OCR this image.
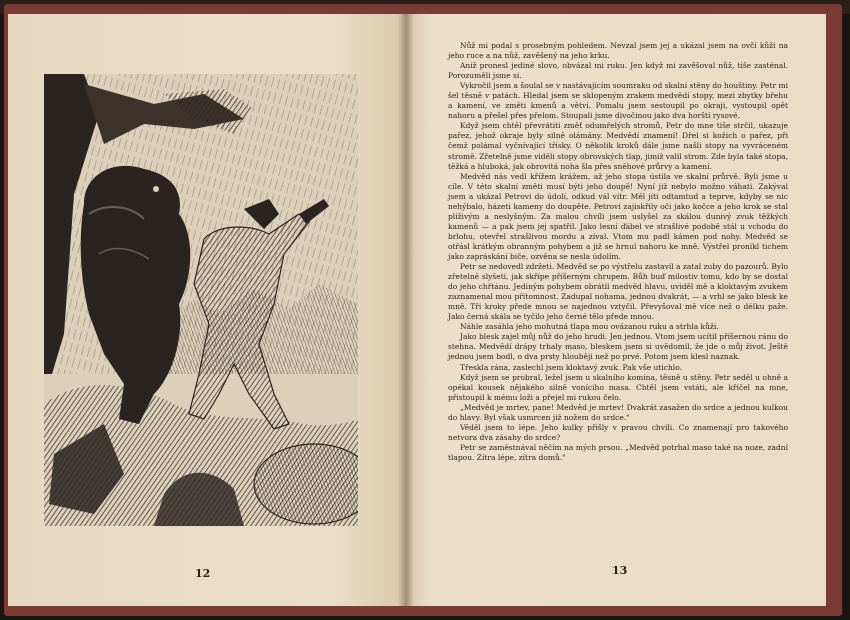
12	13

Nůž mi podal s prosebným pohledem. Nevzal jsem jej a ukázal jsem na ovčí kůži na jeho ruce a na nůž, zavěšený na jeho krku.

Aniž pronesl jediné slovo, obvázal mi ruku. Jen když mi zavěšoval nůž, tiše zasténal. Porozuměli jsme si.

Vykročil jsem a šoulal se v nastávajícím soumraku od skalní stěny do houštiny. Petr mi šel těsně v patách. Hledal jsem se sklopeným zrakem medvědí stopy, mezi zbytky břehu a kamení, ve změti kmenů a větví. Pomalu jsem sestoupil po okraji, vystoupil opět nahoru a přešel přes přelom. Stoupali jsme divočinou jako dva horští rysové.

Když jsem chtěl převrátiti změť odumřelých stromů, Petr do mne tiše strčil, ukazuje pařez, jehož okraje byly silně olámány. Medvědí znamení! Dřel si kožich o pařez, při čemž polámal vyčnívající třísky. O několik kroků dále jsme našli stopy na vyvráceném stromě. Zřetelně jsme viděli stopy obrovských tlap, jimiž valil strom. Zde byla také stopa, těžká a hluboká, jak obrovitá noha šla přes sněhové průrvy a kamení.

Medvěd nás vedl křížem krážem, až jeho stopa ústila ve skalní průrvě. Byli jsme u cíle. V této skalní změti musí býti jeho doupě! Nyní již nebylo možno váhati. Zakýval jsem a ukázal Petrovi do údolí, odkud vál vítr. Měl jíti odtamtud a teprve, kdyby se nic nehýbalo, házeti kameny do doupěte. Petrovi zajiskřily oči jako kočce a jeho krok se stal plíživým a neslyšným. Za malou chvíli jsem uslyšel za skálou dunivý zvuk těžkých kamenů — a pak jsem jej spatřil. Jako lesní ďábel ve strašlivé podobě stál u vchodu do brlohu, otevřel strašlivou mordu a zíval. Vtom mu padl kámen pod nohy. Medvěd se otřásl krátkým obranným pohybem a již se hrnul nahoru ke mně. Výstřel pronikl tichem jako zapráskání biče, ozvěna se nesla údolím.

Petr se nedovedl zdržeti. Medvěd se po výstřelu zastavil a zatal zuby do pazourů. Bylo zřetelně slyšeti, jak skřípe příšerným chrupem. Bůh buď milostiv tomu, kdo by se dostal do jeho chřtánu. Jediným pohybem obrátil medvěd hlavu, uviděl mě a kloktavým zvukem zaznamenal mou přítomnost. Zadupal nohama, jednou dvakrát, — a vrhl se jako blesk ke mně. Tři kroky přede mnou se najednou vztyčil. Převyšoval mě více než o délku paže. Jako černá skála se tyčilo jeho černé tělo přede mnou.

Náhle zasáhla jeho mohutná tlapa mou ovázanou ruku a strhla kůži.

Jako blesk zajel můj nůž do jeho hrudi. Jen jednou. Vtom jsem ucítil příšernou ránu do stehna. Medvědí drápy trhaly maso, bleskem jsem si uvědomil, že jde o můj život. Ještě jednou jsem bodl, o dva prsty hlouběji než po prvé. Potom jsem klesl naznak.

Třeskla rána, zaslechl jsem kloktavý zvuk. Pak vše utichlo.

Když jsem se probral, ležel jsem u skalního komína, těsně u stěny. Petr seděl u ohně a opékal kousek nějakého silně voníciho masa. Chtěl jsem vstáti, ale křičel na mne, přistoupil k mému loži a přejel mi rukou čelo.

„Medvěd je mrtev, pane! Medvěd je mrtev! Dvakrát zasažen do srdce a jednou kulkou do hlavy. Byl však usmrcen již nožem do srdce."

Věděl jsem to lépe. Jeho kulky přišly v pravou chvíli. Co znamenají pro takového netvora dva zásahy do srdce?

Petr se zaměstnával něčím na mých prsou. „Medvěd potrhal maso také na noze, zadní tlapou. Zítra lépe, zítra domů."
